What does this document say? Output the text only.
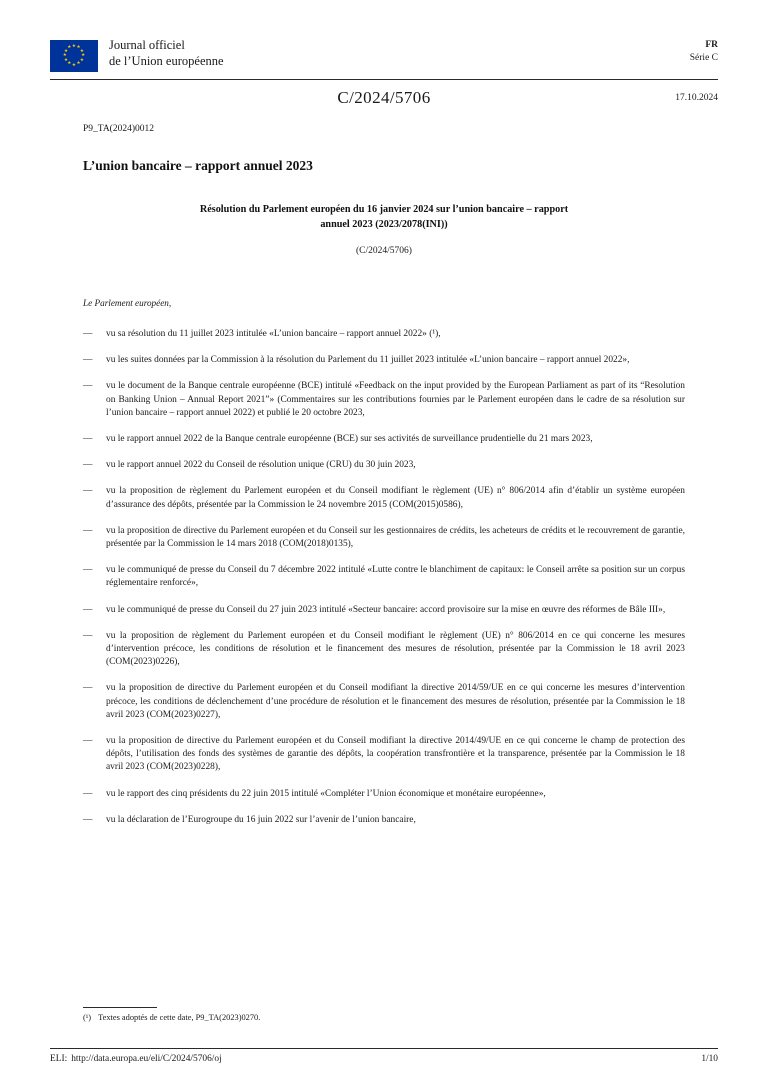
Journal officiel
de l’Union européenne
FR
Série C
C/2024/5706	17.10.2024

P9_TA(2024)0012

L’union bancaire – rapport annuel 2023
Résolution du Parlement européen du 16 janvier 2024 sur l’union bancaire – rapport
annuel 2023 (2023/2078(INI))

(C/2024/5706)

Le Parlement européen,

—	vu sa résolution du 11 juillet 2023 intitulée «L’union bancaire – rapport annuel 2022» (¹),
—	vu les suites données par la Commission à la résolution du Parlement du 11 juillet 2023 intitulée «L’union bancaire – rapport annuel 2022»,
—	vu le document de la Banque centrale européenne (BCE) intitulé «Feedback on the input provided by the European Parliament as part of its “Resolution on Banking Union – Annual Report 2021”» (Commentaires sur les contributions fournies par le Parlement européen dans le cadre de sa résolution sur l’union bancaire – rapport annuel 2022) et publié le 20 octobre 2023,
—	vu le rapport annuel 2022 de la Banque centrale européenne (BCE) sur ses activités de surveillance prudentielle du 21 mars 2023,
—	vu le rapport annuel 2022 du Conseil de résolution unique (CRU) du 30 juin 2023,
—	vu la proposition de règlement du Parlement européen et du Conseil modifiant le règlement (UE) n° 806/2014 afin d’établir un système européen d’assurance des dépôts, présentée par la Commission le 24 novembre 2015 (COM(2015)0586),
—	vu la proposition de directive du Parlement européen et du Conseil sur les gestionnaires de crédits, les acheteurs de crédits et le recouvrement de garantie, présentée par la Commission le 14 mars 2018 (COM(2018)0135),
—	vu le communiqué de presse du Conseil du 7 décembre 2022 intitulé «Lutte contre le blanchiment de capitaux: le Conseil arrête sa position sur un corpus réglementaire renforcé»,
—	vu le communiqué de presse du Conseil du 27 juin 2023 intitulé «Secteur bancaire: accord provisoire sur la mise en œuvre des réformes de Bâle III»,
—	vu la proposition de règlement du Parlement européen et du Conseil modifiant le règlement (UE) n° 806/2014 en ce qui concerne les mesures d’intervention précoce, les conditions de résolution et le financement des mesures de résolution, présentée par la Commission le 18 avril 2023 (COM(2023)0226),
—	vu la proposition de directive du Parlement européen et du Conseil modifiant la directive 2014/59/UE en ce qui concerne les mesures d’intervention précoce, les conditions de déclenchement d’une procédure de résolution et le financement des mesures de résolution, présentée par la Commission le 18 avril 2023 (COM(2023)0227),
—	vu la proposition de directive du Parlement européen et du Conseil modifiant la directive 2014/49/UE en ce qui concerne le champ de protection des dépôts, l’utilisation des fonds des systèmes de garantie des dépôts, la coopération transfrontière et la transparence, présentée par la Commission le 18 avril 2023 (COM(2023)0228),
—	vu le rapport des cinq présidents du 22 juin 2015 intitulé «Compléter l’Union économique et monétaire européenne»,
—	vu la déclaration de l’Eurogroupe du 16 juin 2022 sur l’avenir de l’union bancaire,
(¹) Textes adoptés de cette date, P9_TA(2023)0270.
ELI: http://data.europa.eu/eli/C/2024/5706/oj	1/10
